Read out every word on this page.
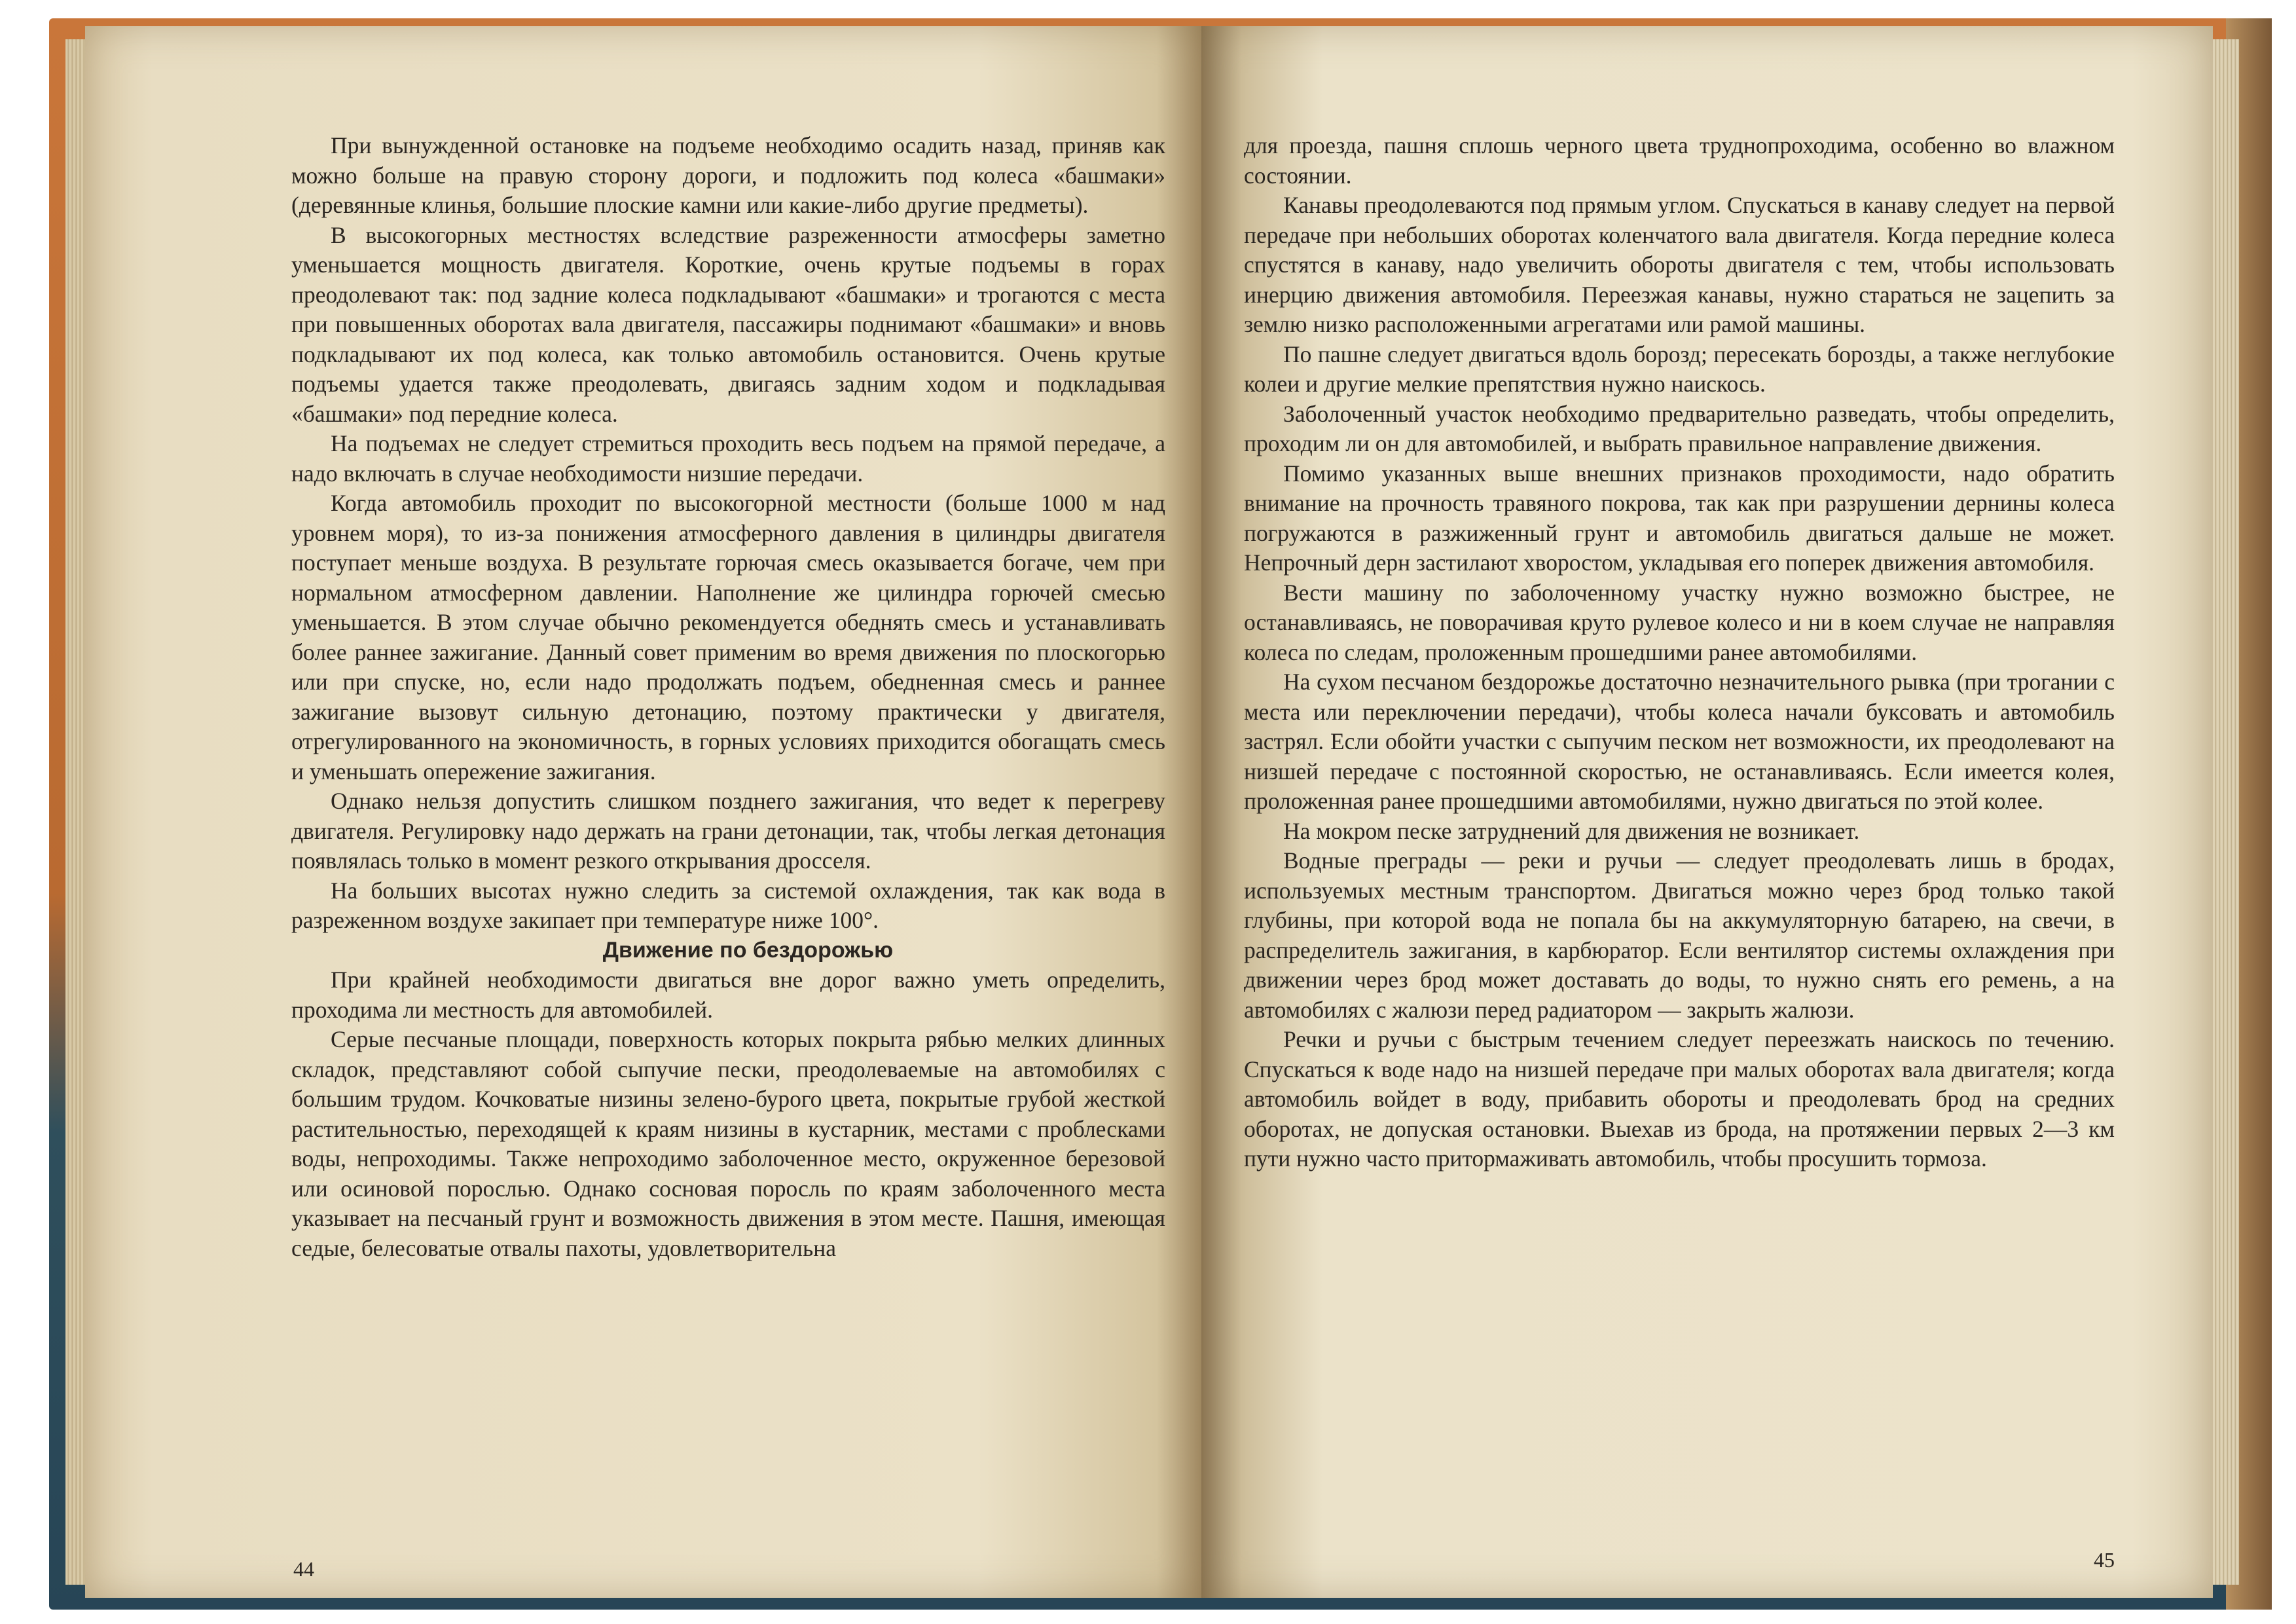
При вынужденной остановке на подъеме необходимо осадить назад, приняв как можно больше на правую сторону дороги, и подложить под колеса «башмаки» (деревянные клинья, большие плоские камни или какие-либо другие предметы).

В высокогорных местностях вследствие разреженности атмосферы заметно уменьшается мощность двигателя. Короткие, очень крутые подъемы в горах преодолевают так: под задние колеса подкладывают «башмаки» и трогаются с места при повышенных оборотах вала двигателя, пассажиры поднимают «башмаки» и вновь подкладывают их под колеса, как только автомобиль остановится. Очень крутые подъемы удается также преодолевать, двигаясь задним ходом и подкладывая «башмаки» под передние колеса.

На подъемах не следует стремиться проходить весь подъем на прямой передаче, а надо включать в случае необходимости низшие передачи.

Когда автомобиль проходит по высокогорной местности (больше 1000 м над уровнем моря), то из-за понижения атмосферного давления в цилиндры двигателя поступает меньше воздуха. В результате горючая смесь оказывается богаче, чем при нормальном атмосферном давлении. Наполнение же цилиндра горючей смесью уменьшается. В этом случае обычно рекомендуется обеднять смесь и устанавливать более раннее зажигание. Данный совет применим во время движения по плоскогорью или при спуске, но, если надо продолжать подъем, обедненная смесь и раннее зажигание вызовут сильную детонацию, поэтому практически у двигателя, отрегулированного на экономичность, в горных условиях приходится обогащать смесь и уменьшать опережение зажигания.

Однако нельзя допустить слишком позднего зажигания, что ведет к перегреву двигателя. Регулировку надо держать на грани детонации, так, чтобы легкая детонация появлялась только в момент резкого открывания дросселя.

На больших высотах нужно следить за системой охлаждения, так как вода в разреженном воздухе закипает при температуре ниже 100°.

Движение по бездорожью

При крайней необходимости двигаться вне дорог важно уметь определить, проходима ли местность для автомобилей.

Серые песчаные площади, поверхность которых покрыта рябью мелких длинных складок, представляют собой сыпучие пески, преодолеваемые на автомобилях с большим трудом. Кочковатые низины зелено-бурого цвета, покрытые грубой жесткой растительностью, переходящей к краям низины в кустарник, местами с проблесками воды, непроходимы. Также непроходимо заболоченное место, окруженное березовой или осиновой порослью. Однако сосновая поросль по краям заболоченного места указывает на песчаный грунт и возможность движения в этом месте. Пашня, имеющая седые, белесоватые отвалы пахоты, удовлетворительна

44

для проезда, пашня сплошь черного цвета труднопроходима, особенно во влажном состоянии.

Канавы преодолеваются под прямым углом. Спускаться в канаву следует на первой передаче при небольших оборотах коленчатого вала двигателя. Когда передние колеса спустятся в канаву, надо увеличить обороты двигателя с тем, чтобы использовать инерцию движения автомобиля. Переезжая канавы, нужно стараться не зацепить за землю низко расположенными агрегатами или рамой машины.

По пашне следует двигаться вдоль борозд; пересекать борозды, а также неглубокие колеи и другие мелкие препятствия нужно наискось.

Заболоченный участок необходимо предварительно разведать, чтобы определить, проходим ли он для автомобилей, и выбрать правильное направление движения.

Помимо указанных выше внешних признаков проходимости, надо обратить внимание на прочность травяного покрова, так как при разрушении дернины колеса погружаются в разжиженный грунт и автомобиль двигаться дальше не может. Непрочный дерн застилают хворостом, укладывая его поперек движения автомобиля.

Вести машину по заболоченному участку нужно возможно быстрее, не останавливаясь, не поворачивая круто рулевое колесо и ни в коем случае не направляя колеса по следам, проложенным прошедшими ранее автомобилями.

На сухом песчаном бездорожье достаточно незначительного рывка (при трогании с места или переключении передачи), чтобы колеса начали буксовать и автомобиль застрял. Если обойти участки с сыпучим песком нет возможности, их преодолевают на низшей передаче с постоянной скоростью, не останавливаясь. Если имеется колея, проложенная ранее прошедшими автомобилями, нужно двигаться по этой колее.

На мокром песке затруднений для движения не возникает.

Водные преграды — реки и ручьи — следует преодолевать лишь в бродах, используемых местным транспортом. Двигаться можно через брод только такой глубины, при которой вода не попала бы на аккумуляторную батарею, на свечи, в распределитель зажигания, в карбюратор. Если вентилятор системы охлаждения при движении через брод может доставать до воды, то нужно снять его ремень, а на автомобилях с жалюзи перед радиатором — закрыть жалюзи.

Речки и ручьи с быстрым течением следует переезжать наискось по течению. Спускаться к воде надо на низшей передаче при малых оборотах вала двигателя; когда автомобиль войдет в воду, прибавить обороты и преодолевать брод на средних оборотах, не допуская остановки. Выехав из брода, на протяжении первых 2—3 км пути нужно часто притормаживать автомобиль, чтобы просушить тормоза.

45
